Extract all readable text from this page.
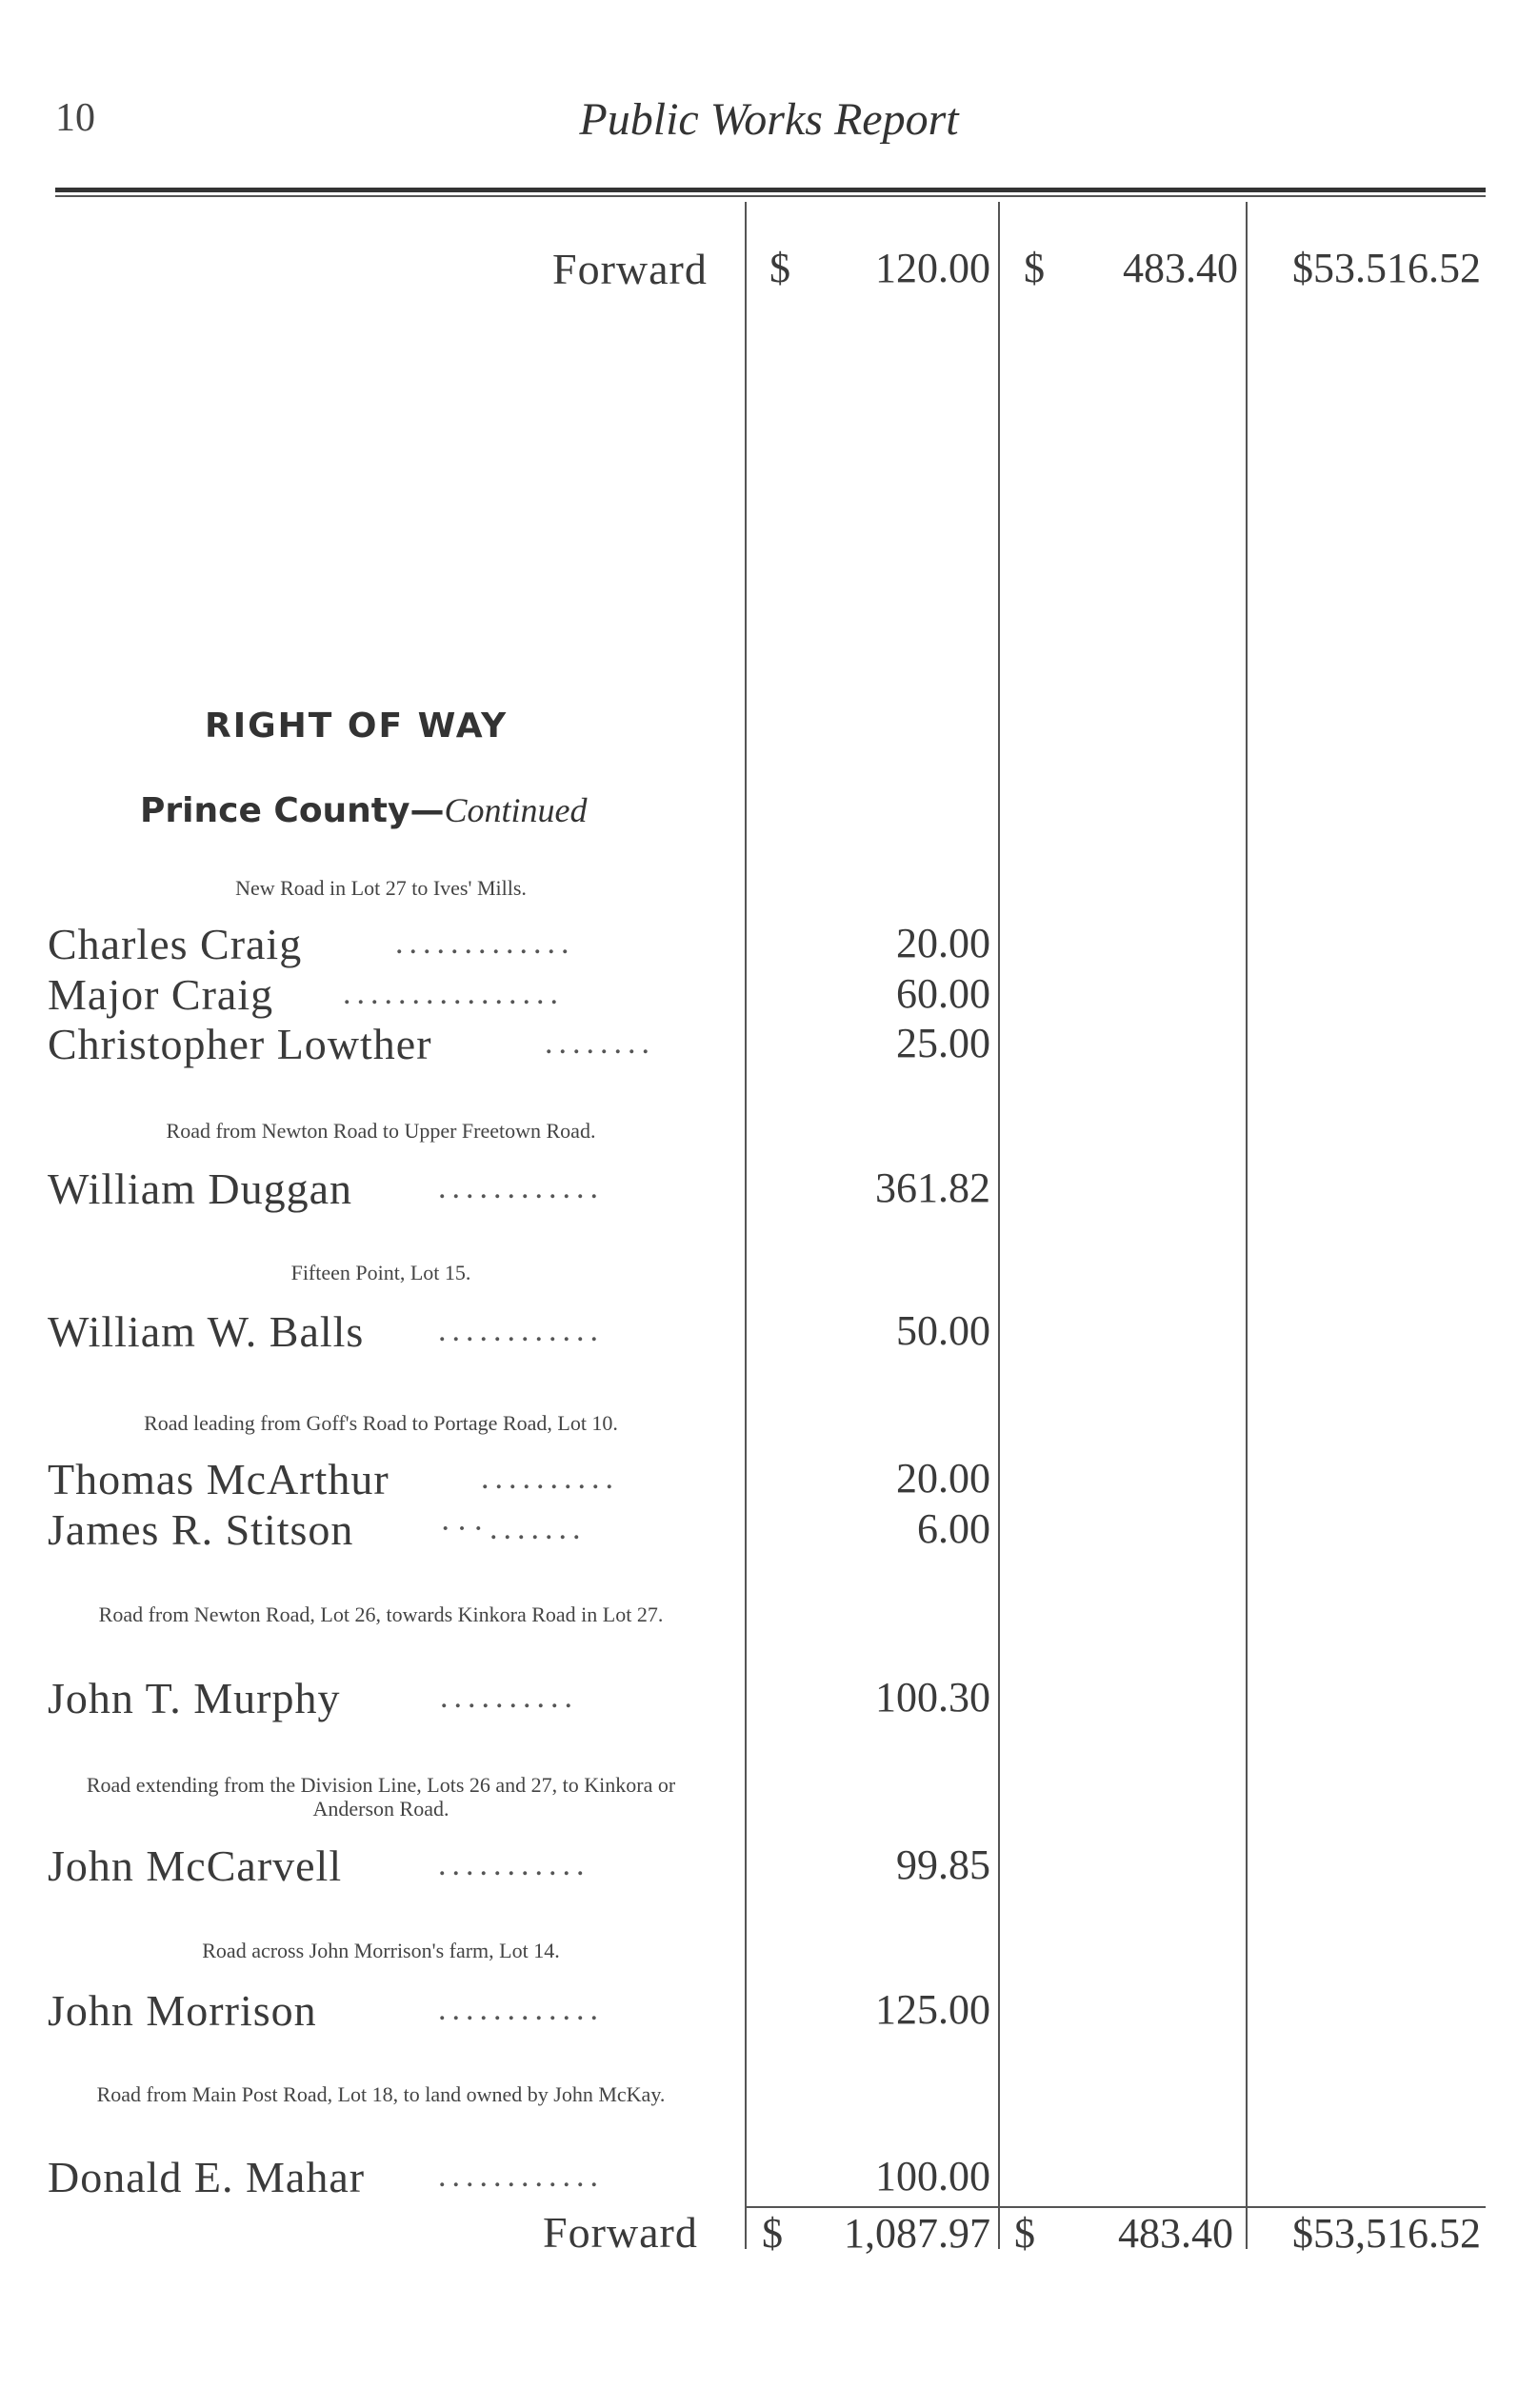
10	Public Works Report
Forward $	120.00 $	483.40	$53.516.52
RIGHT OF WAY
Prince County—Continued
New Road in Lot 27 to Ives' Mills.
Charles Craig	.............	20.00
Major Craig ................	60.00
Christopher Lowther	........	25.00
Road from Newton Road to Upper Freetown Road.
William Duggan	............	361.82
Fifteen Point, Lot 15.
William W. Balls ............	50.00
Road leading from Goff's Road to Portage Road, Lot 10.
Thomas McArthur	..........	20.00
James R. Stitson	···.......	6.00
Road from Newton Road, Lot 26, towards Kinkora Road in Lot 27.
John T. Murphy	..........	100.30
Road extending from the Division Line, Lots 26 and 27, to Kinkora or Anderson Road.
John McCarvell	...........	99.85
Road across John Morrison's farm, Lot 14.
John Morrison	............	125.00
Road from Main Post Road, Lot 18, to land owned by John McKay.
Donald E. Mahar ............	100.00
Forward $	1,087.97 $	483.40	$53,516.52
